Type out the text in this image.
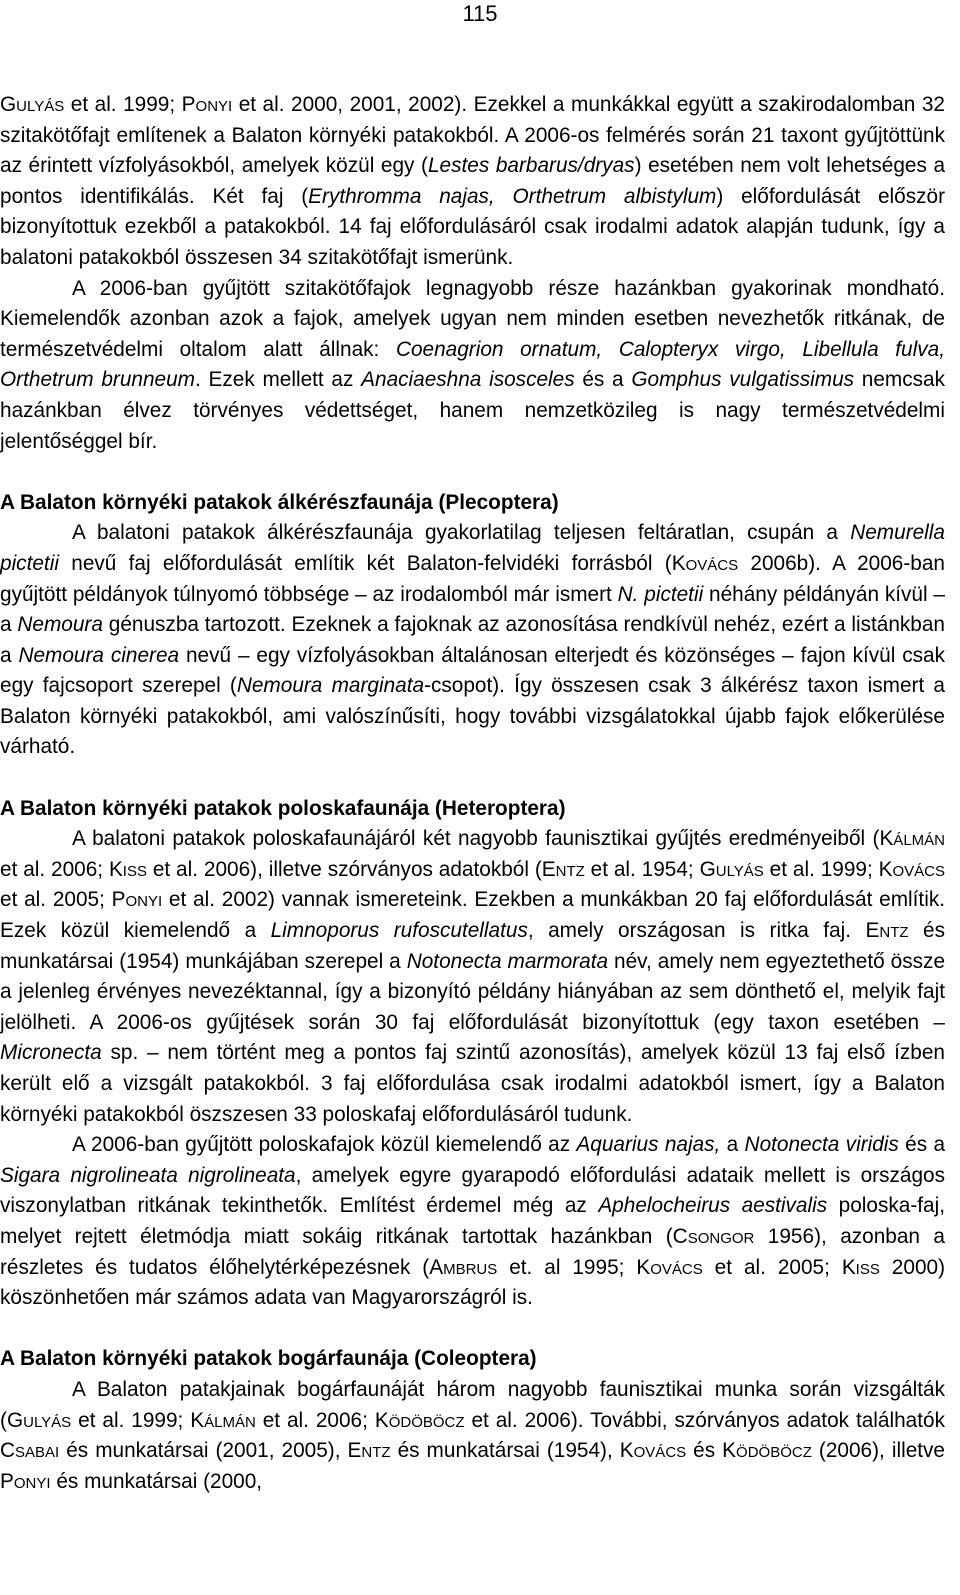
115

Gulyás et al. 1999; Ponyi et al. 2000, 2001, 2002). Ezekkel a munkákkal együtt a szakirodalomban 32 szitakötőfajt említenek a Balaton környéki patakokból. A 2006-os felmérés során 21 taxont gyűjtöttünk az érintett vízfolyásokból, amelyek közül egy (Lestes barbarus/dryas) esetében nem volt lehetséges a pontos identifikálás. Két faj (Erythromma najas, Orthetrum albistylum) előfordulását először bizonyítottuk ezekből a patakokból. 14 faj előfordulásáról csak irodalmi adatok alapján tudunk, így a balatoni patakokból összesen 34 szitakötőfajt ismerünk.

A 2006-ban gyűjtött szitakötőfajok legnagyobb része hazánkban gyakorinak mondható. Kiemelendők azonban azok a fajok, amelyek ugyan nem minden esetben nevezhetők ritkának, de természetvédelmi oltalom alatt állnak: Coenagrion ornatum, Calopteryx virgo, Libellula fulva, Orthetrum brunneum. Ezek mellett az Anaciaeshna isosceles és a Gomphus vulgatissimus nemcsak hazánkban élvez törvényes védettséget, hanem nemzetközileg is nagy természetvédelmi jelentőséggel bír.

A Balaton környéki patakok álkérészfaunája (Plecoptera)

A balatoni patakok álkérészfaunája gyakorlatilag teljesen feltáratlan, csupán a Nemurella pictetii nevű faj előfordulását említik két Balaton-felvidéki forrásból (Kovács 2006b). A 2006-ban gyűjtött példányok túlnyomó többsége – az irodalomból már ismert N. pictetii néhány példányán kívül – a Nemoura génuszba tartozott. Ezeknek a fajoknak az azonosítása rendkívül nehéz, ezért a listánkban a Nemoura cinerea nevű – egy vízfolyásokban általánosan elterjedt és közönséges – fajon kívül csak egy fajcsoport szerepel (Nemoura marginata-csopot). Így összesen csak 3 álkérész taxon ismert a Balaton környéki patakokból, ami valószínűsíti, hogy további vizsgálatokkal újabb fajok előkerülése várható.

A Balaton környéki patakok poloskafaunája (Heteroptera)

A balatoni patakok poloskafaunájáról két nagyobb faunisztikai gyűjtés eredményeiből (Kálmán et al. 2006; Kiss et al. 2006), illetve szórványos adatokból (Entz et al. 1954; Gulyás et al. 1999; Kovács et al. 2005; Ponyi et al. 2002) vannak ismereteink. Ezekben a munkákban 20 faj előfordulását említik. Ezek közül kiemelendő a Limnoporus rufoscutellatus, amely országosan is ritka faj. Entz és munkatársai (1954) munkájában szerepel a Notonecta marmorata név, amely nem egyeztethető össze a jelenleg érvényes nevezéktannal, így a bizonyító példány hiányában az sem dönthető el, melyik fajt jelölheti. A 2006-os gyűjtések során 30 faj előfordulását bizonyítottuk (egy taxon esetében – Micronecta sp. – nem történt meg a pontos faj szintű azonosítás), amelyek közül 13 faj első ízben került elő a vizsgált patakokból. 3 faj előfordulása csak irodalmi adatokból ismert, így a Balaton környéki patakokból öszszesen 33 poloskafaj előfordulásáról tudunk.

A 2006-ban gyűjtött poloskafajok közül kiemelendő az Aquarius najas, a Notonecta viridis és a Sigara nigrolineata nigrolineata, amelyek egyre gyarapodó előfordulási adataik mellett is országos viszonylatban ritkának tekinthetők. Említést érdemel még az Aphelocheirus aestivalis poloska-faj, melyet rejtett életmódja miatt sokáig ritkának tartottak hazánkban (Csongor 1956), azonban a részletes és tudatos élőhelytérképezésnek (Ambrus et. al 1995; Kovács et al. 2005; Kiss 2000) köszönhetően már számos adata van Magyarországról is.

A Balaton környéki patakok bogárfaunája (Coleoptera)

A Balaton patakjainak bogárfaunáját három nagyobb faunisztikai munka során vizsgálták (Gulyás et al. 1999; Kálmán et al. 2006; Ködöböcz et al. 2006). További, szórványos adatok találhatók Csabai és munkatársai (2001, 2005), Entz és munkatársai (1954), Kovács és Ködöböcz (2006), illetve Ponyi és munkatársai (2000,
